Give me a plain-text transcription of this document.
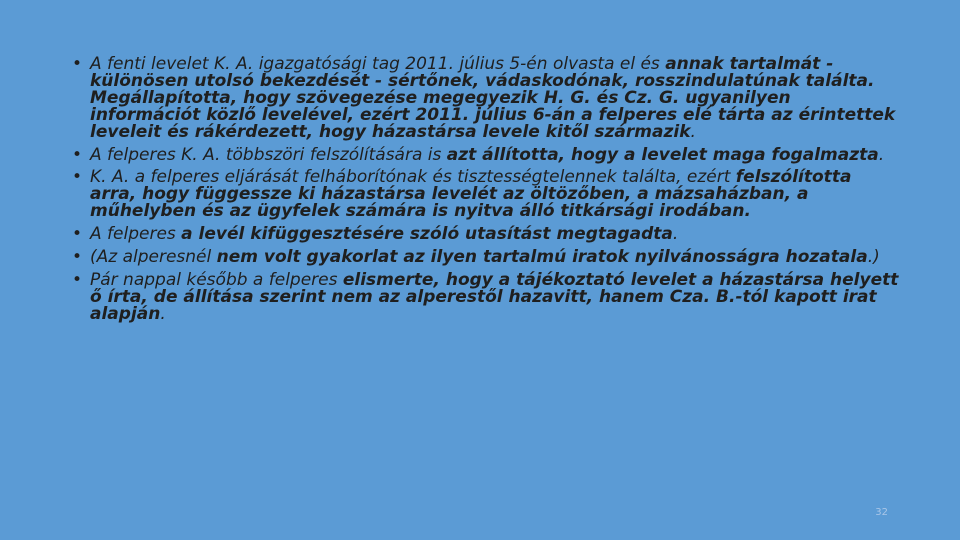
• A fenti levelet K. A. igazgatósági tag 2011. július 5-én olvasta el és annak tartalmát - különösen utolsó bekezdését - sértőnek, vádaskodónak, rosszindulatúnak találta. Megállapította, hogy szövegezése megegyezik H. G. és Cz. G. ugyanilyen információt közlő levelével, ezért 2011. július 6-án a felperes elé tárta az érintettek leveleit és rákérdezett, hogy házastársa levele kitől származik.
• A felperes K. A. többszöri felszólítására is azt állította, hogy a levelet maga fogalmazta.
• K. A. a felperes eljárását felháborítónak és tisztességtelennek találta, ezért felszólította arra, hogy függessze ki házastársa levelét az öltözőben, a mázsaházban, a műhelyben és az ügyfelek számára is nyitva álló titkársági irodában.
• A felperes a levél kifüggesztésére szóló utasítást megtagadta.
• (Az alperesnél nem volt gyakorlat az ilyen tartalmú iratok nyilvánosságra hozatala.)
• Pár nappal később a felperes elismerte, hogy a tájékoztató levelet a házastársa helyett ő írta, de állítása szerint nem az alperestől hazavitt, hanem Cza. B.-tól kapott irat alapján.
32
